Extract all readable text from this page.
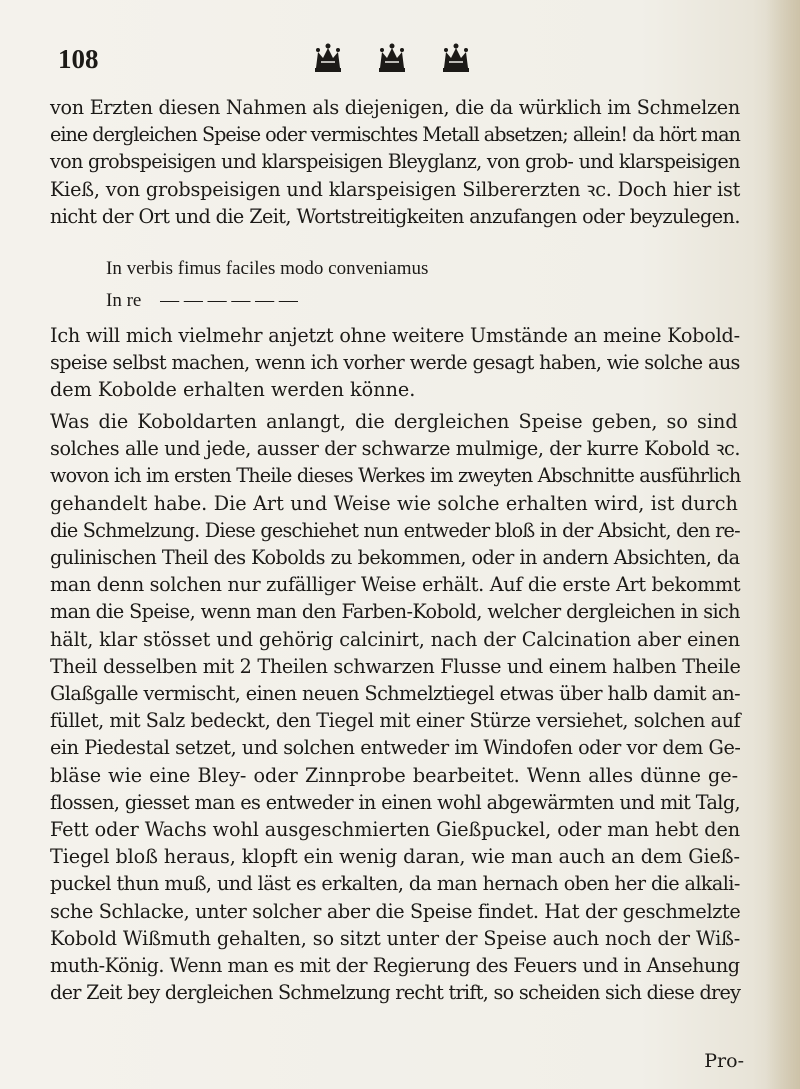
108
von Erzten diesen Nahmen als diejenigen, die da würklich im Schmelzen
eine dergleichen Speise oder vermischtes Metall absetzen; allein! da hört man
von grobspeisigen und klarspeisigen Bleyglanz, von grob- und klarspeisigen
Kieß, von grobspeisigen und klarspeisigen Silbererzten ꝛc. Doch hier ist
nicht der Ort und die Zeit, Wortstreitigkeiten anzufangen oder beyzulegen.
In verbis fimus faciles modo conveniamus
In re — — — — — —
Ich will mich vielmehr anjetzt ohne weitere Umstände an meine Kobold-
speise selbst machen, wenn ich vorher werde gesagt haben, wie solche aus
dem Kobolde erhalten werden könne.
Was die Koboldarten anlangt, die dergleichen Speise geben, so sind
solches alle und jede, ausser der schwarze mulmige, der kurre Kobold ꝛc.
wovon ich im ersten Theile dieses Werkes im zweyten Abschnitte ausführlich
gehandelt habe. Die Art und Weise wie solche erhalten wird, ist durch
die Schmelzung. Diese geschiehet nun entweder bloß in der Absicht, den re-
gulinischen Theil des Kobolds zu bekommen, oder in andern Absichten, da
man denn solchen nur zufälliger Weise erhält. Auf die erste Art bekommt
man die Speise, wenn man den Farben-Kobold, welcher dergleichen in sich
hält, klar stösset und gehörig calcinirt, nach der Calcination aber einen
Theil desselben mit 2 Theilen schwarzen Flusse und einem halben Theile
Glaßgalle vermischt, einen neuen Schmelztiegel etwas über halb damit an-
füllet, mit Salz bedeckt, den Tiegel mit einer Stürze versiehet, solchen auf
ein Piedestal setzet, und solchen entweder im Windofen oder vor dem Ge-
bläse wie eine Bley- oder Zinnprobe bearbeitet. Wenn alles dünne ge-
flossen, giesset man es entweder in einen wohl abgewärmten und mit Talg,
Fett oder Wachs wohl ausgeschmierten Gießpuckel, oder man hebt den
Tiegel bloß heraus, klopft ein wenig daran, wie man auch an dem Gieß-
puckel thun muß, und läst es erkalten, da man hernach oben her die alkali-
sche Schlacke, unter solcher aber die Speise findet. Hat der geschmelzte
Kobold Wißmuth gehalten, so sitzt unter der Speise auch noch der Wiß-
muth-König. Wenn man es mit der Regierung des Feuers und in Ansehung
der Zeit bey dergleichen Schmelzung recht trift, so scheiden sich diese drey
Pro-
